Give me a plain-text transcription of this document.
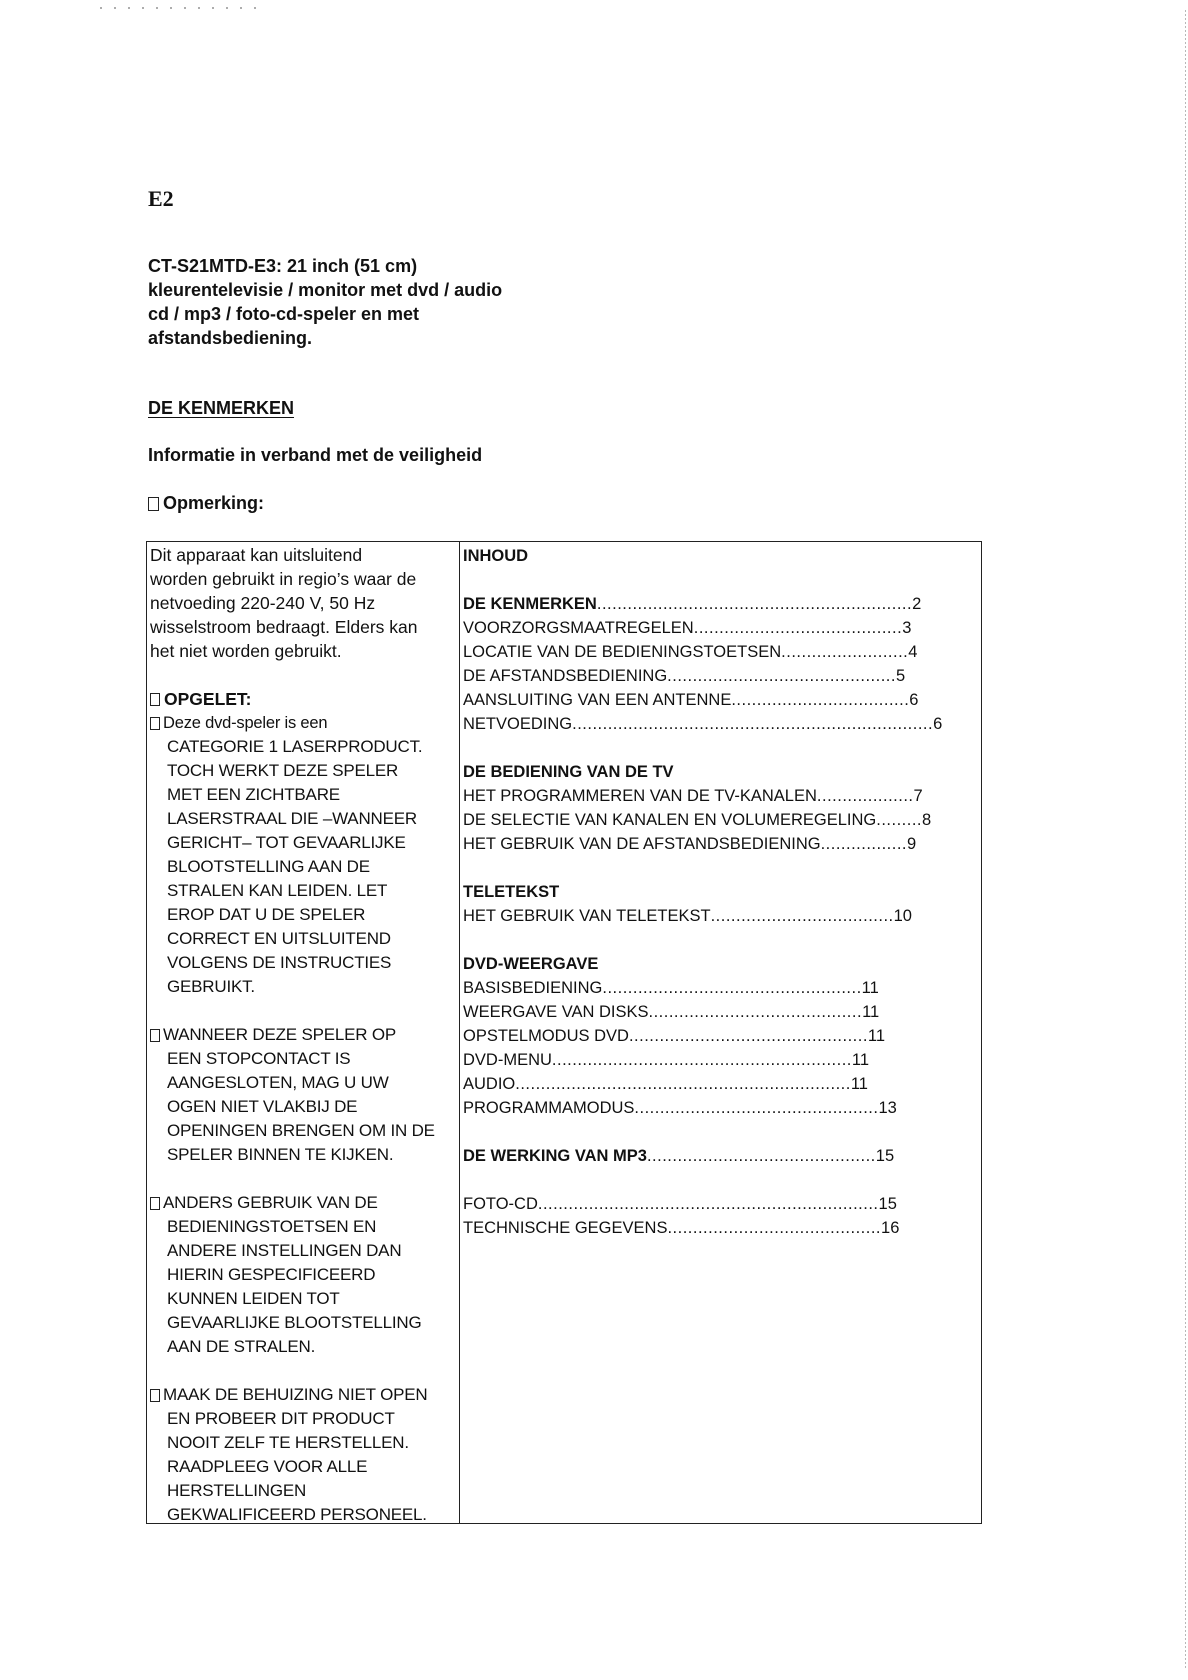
E2
CT-S21MTD-E3: 21 inch (51 cm)
kleurentelevisie / monitor met dvd / audio
cd / mp3 / foto-cd-speler en met
afstandsbediening.
DE KENMERKEN
Informatie in verband met de veiligheid
Opmerking:
Dit apparaat kan uitsluitend
worden gebruikt in regio’s waar de
netvoeding 220-240 V, 50 Hz
wisselstroom bedraagt. Elders kan
het niet worden gebruikt.
OPGELET:
Deze dvd-speler is een
CATEGORIE 1 LASERPRODUCT.
TOCH WERKT DEZE SPELER
MET EEN ZICHTBARE
LASERSTRAAL DIE –WANNEER
GERICHT– TOT GEVAARLIJKE
BLOOTSTELLING AAN DE
STRALEN KAN LEIDEN. LET
EROP DAT U DE SPELER
CORRECT EN UITSLUITEND
VOLGENS DE INSTRUCTIES
GEBRUIKT.
WANNEER DEZE SPELER OP
EEN STOPCONTACT IS
AANGESLOTEN, MAG U UW
OGEN NIET VLAKBIJ DE
OPENINGEN BRENGEN OM IN DE
SPELER BINNEN TE KIJKEN.
ANDERS GEBRUIK VAN DE
BEDIENINGSTOETSEN EN
ANDERE INSTELLINGEN DAN
HIERIN GESPECIFICEERD
KUNNEN LEIDEN TOT
GEVAARLIJKE BLOOTSTELLING
AAN DE STRALEN.
MAAK DE BEHUIZING NIET OPEN
EN PROBEER DIT PRODUCT
NOOIT ZELF TE HERSTELLEN.
RAADPLEEG VOOR ALLE
HERSTELLINGEN
GEKWALIFICEERD PERSONEEL.
INHOUD
DE KENMERKEN .............................................................. 2
VOORZORGSMAATREGELEN ......................................... 3
LOCATIE VAN DE BEDIENINGSTOETSEN ......................... 4
DE AFSTANDSBEDIENING ............................................. 5
AANSLUITING VAN EEN ANTENNE ................................... 6
NETVOEDING ....................................................................... 6
DE BEDIENING VAN DE TV
HET PROGRAMMEREN VAN DE TV-KANALEN ................... 7
DE SELECTIE VAN KANALEN EN VOLUMEREGELING ......... 8
HET GEBRUIK VAN DE AFSTANDSBEDIENING ................. 9
TELETEKST
HET GEBRUIK VAN TELETEKST .................................... 10
DVD-WEERGAVE
BASISBEDIENING ................................................... 11
WEERGAVE VAN DISKS .......................................... 11
OPSTELMODUS DVD ............................................... 11
DVD-MENU ........................................................... 11
AUDIO .................................................................. 11
PROGRAMMAMODUS ................................................ 13
DE WERKING VAN MP3 ............................................. 15
FOTO-CD ................................................................... 15
TECHNISCHE GEGEVENS .......................................... 16
